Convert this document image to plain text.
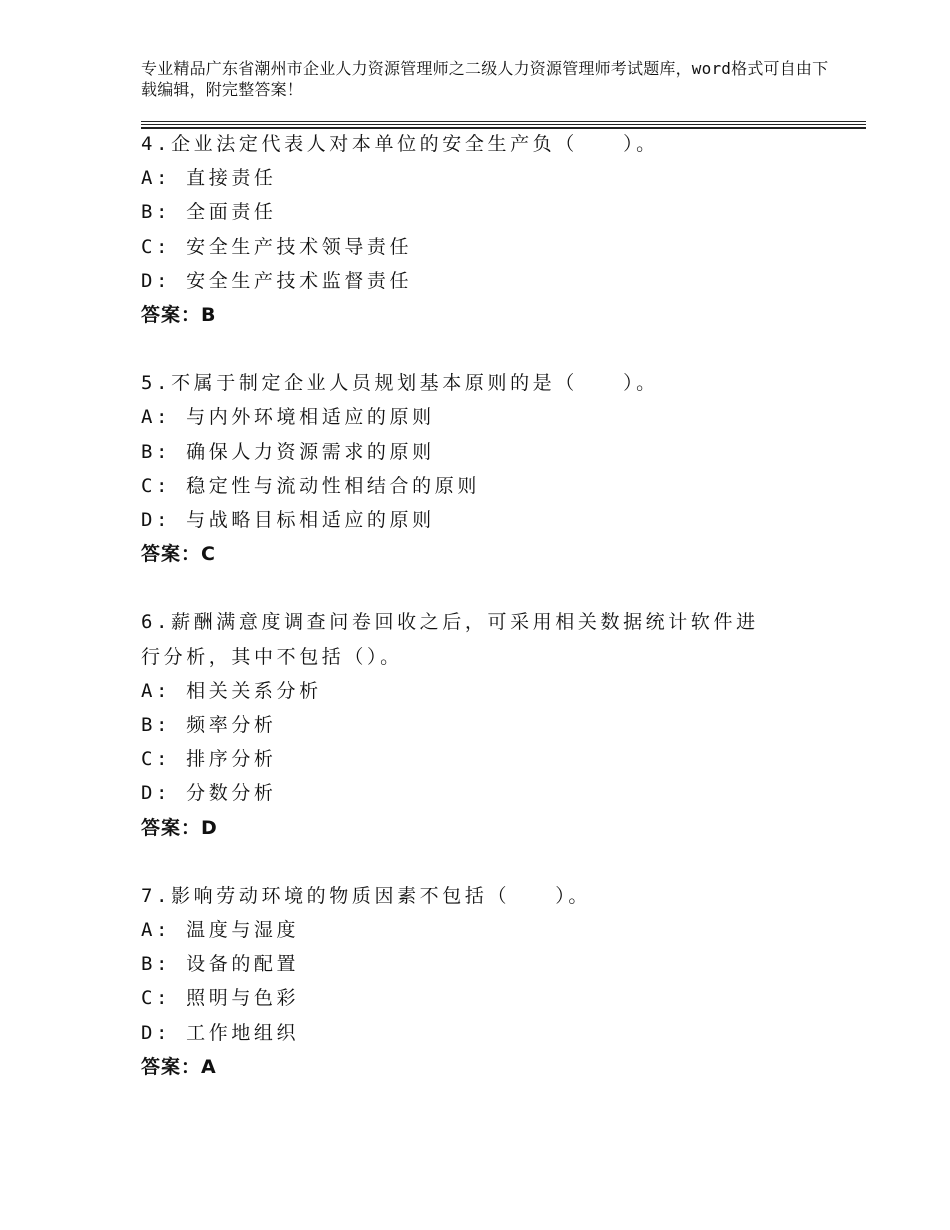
专业精品广东省潮州市企业人力资源管理师之二级人力资源管理师考试题库，word格式可自由下载编辑，附完整答案！
4.企业法定代表人对本单位的安全生产负（　　）。
A: 直接责任
B: 全面责任
C: 安全生产技术领导责任
D: 安全生产技术监督责任
答案：B
5.不属于制定企业人员规划基本原则的是（　　）。
A: 与内外环境相适应的原则
B: 确保人力资源需求的原则
C: 稳定性与流动性相结合的原则
D: 与战略目标相适应的原则
答案：C
6.薪酬满意度调查问卷回收之后，可采用相关数据统计软件进行分析，其中不包括（）。
A: 相关关系分析
B: 频率分析
C: 排序分析
D: 分数分析
答案：D
7.影响劳动环境的物质因素不包括（　　）。
A: 温度与湿度
B: 设备的配置
C: 照明与色彩
D: 工作地组织
答案：A
